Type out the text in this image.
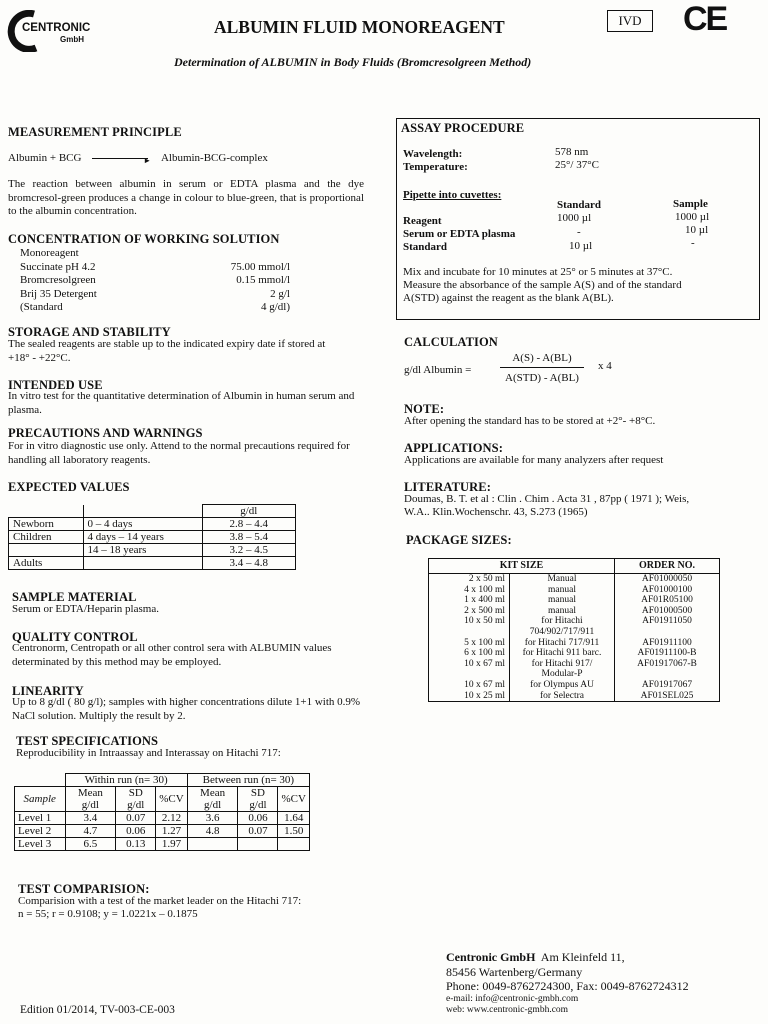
CENTRONIC
GmbH
ALBUMIN FLUID MONOREAGENT	IVD	CE
Determination of ALBUMIN in Body Fluids (Bromcresolgreen Method)
MEASUREMENT PRINCIPLE
Albumin + BCG	► Albumin-BCG-complex
The reaction between albumin in serum or EDTA plasma and the dye bromcresol-green produces a change in colour to blue-green, that is proportional to the albumin concentration.
CONCENTRATION OF WORKING SOLUTION
Monoreagent
Succinate pH 4.2	75.00 mmol/l
Bromcresolgreen	0.15 mmol/l
Brij 35 Detergent	2 g/l
(Standard	4 g/dl)
STORAGE AND STABILITY
The sealed reagents are stable up to the indicated expiry date if stored at +18° - +22°C.
INTENDED USE
In vitro test for the quantitative determination of Albumin in human serum and plasma.
PRECAUTIONS AND WARNINGS
For in vitro diagnostic use only. Attend to the normal precautions required for handling all laboratory reagents.
EXPECTED VALUES
		g/dl
Newborn	0 – 4 days	2.8 – 4.4
Children	4 days – 14 years	3.8 – 5.4
	14 – 18 years	3.2 – 4.5
Adults		3.4 – 4.8
SAMPLE MATERIAL
Serum or EDTA/Heparin plasma.
QUALITY CONTROL
Centronorm, Centropath or all other control sera with ALBUMIN values determinated by this method may be employed.
LINEARITY
Up to 8 g/dl ( 80 g/l); samples with higher concentrations dilute 1+1 with 0.9% NaCl solution. Multiply the result by 2.
TEST SPECIFICATIONS
Reproducibility in Intraassay and Interassay on Hitachi 717:
	Within run (n= 30)			Between run (n= 30)		
Sample	Mean g/dl	SD g/dl	%CV	Mean g/dl	SD g/dl	%CV
Level 1	3.4	0.07	2.12	3.6	0.06	1.64
Level 2	4.7	0.06	1.27	4.8	0.07	1.50
Level 3	6.5	0.13	1.97			
TEST COMPARISION:
Comparision with a test of the market leader on the Hitachi 717:
n = 55; r = 0.9108; y = 1.0221x – 0.1875
Edition 01/2014, TV-003-CE-003
ASSAY PROCEDURE
Wavelength:	578 nm
Temperature:	25°/ 37°C
Pipette into cuvettes:
Standard	Sample
Reagent	1000 µl	1000 µl
Serum or EDTA plasma	-	10 µl
Standard	10 µl	-
Mix and incubate for 10 minutes at 25° or 5 minutes at 37°C.
Measure the absorbance of the sample A(S) and of the standard
A(STD) against the reagent as the blank A(BL).
CALCULATION
g/dl Albumin =
A(S) - A(BL)
A(STD) - A(BL)
x 4
NOTE:
After opening the standard has to be stored at +2°- +8°C.
APPLICATIONS:
Applications are available for many analyzers after request
LITERATURE:
Doumas, B. T. et al : Clin . Chim . Acta 31 , 87pp ( 1971 ); Weis,
W.A.. Klin.Wochenschr. 43, S.273 (1965)
PACKAGE SIZES:
KIT SIZE		ORDER NO.
2 x 50 ml	Manual	AF01000050
4 x 100 ml	manual	AF01000100
1 x 400 ml	manual	AF01R05100
2 x 500 ml	manual	AF01000500
10 x 50 ml	for Hitachi	AF01911050
	704/902/717/911	
5 x 100 ml	for Hitachi 717/911	AF01911100
6 x 100 ml	for Hitachi 911 barc.	AF01911100-B
10 x 67 ml	for Hitachi 917/	AF01917067-B
	Modular-P	
10 x 67 ml	for Olympus AU	AF01917067
10 x 25 ml	for Selectra	AF01SEL025
Centronic GmbH Am Kleinfeld 11,
85456 Wartenberg/Germany
Phone: 0049-8762724300, Fax: 0049-8762724312
e-mail: info@centronic-gmbh.com
web: www.centronic-gmbh.com
